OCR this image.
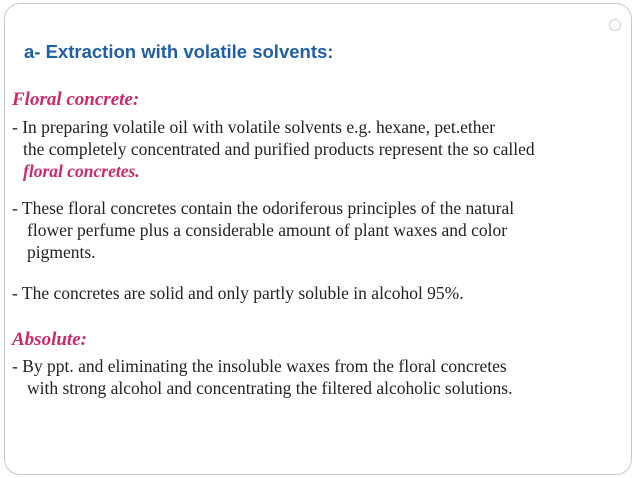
a- Extraction with volatile solvents:
Floral concrete:
- In preparing volatile oil with volatile solvents e.g. hexane, pet.ether
the completely concentrated and purified products represent the so called
floral concretes.
- These floral concretes contain the odoriferous principles of the natural
flower perfume plus a considerable amount of plant waxes and color
pigments.
- The concretes are solid and only partly soluble in alcohol 95%.
Absolute:
- By ppt. and eliminating the insoluble waxes from the floral concretes
with strong alcohol and concentrating the filtered alcoholic solutions.
